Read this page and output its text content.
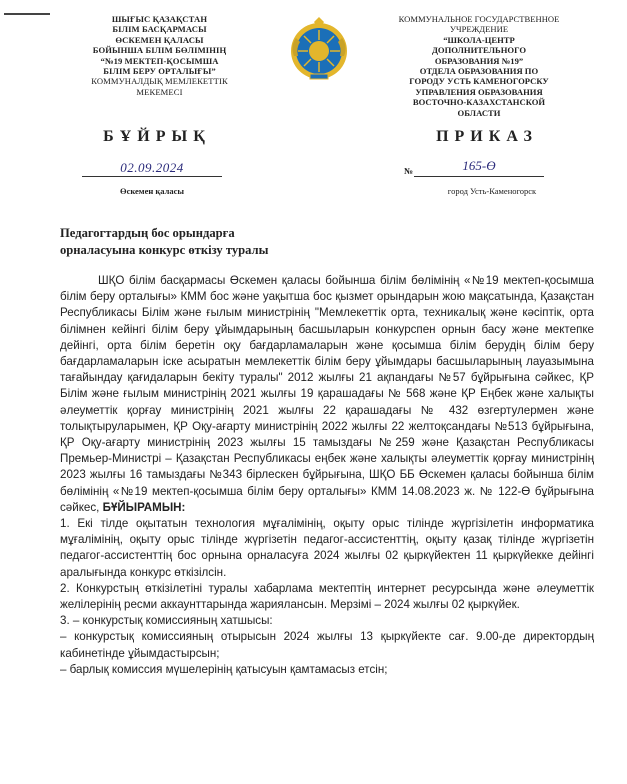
ШЫҒЫС ҚАЗАҚСТАН
БІЛІМ БАСҚАРМАСЫ
ӨСКЕМЕН ҚАЛАСЫ
БОЙЫНША БІЛІМ БӨЛІМІНІҢ
“№19 МЕКТЕП-ҚОСЫМША
БІЛІМ БЕРУ ОРТАЛЫҒЫ”
КОММУНАЛДЫҚ МЕМЛЕКЕТТІК
МЕКЕМЕСІ
КОММУНАЛЬНОЕ ГОСУДАРСТВЕННОЕ
УЧРЕЖДЕНИЕ
“ШКОЛА-ЦЕНТР
ДОПОЛНИТЕЛЬНОГО
ОБРАЗОВАНИЯ №19”
ОТДЕЛА ОБРАЗОВАНИЯ ПО
ГОРОДУ УСТЬ КАМЕНОГОРСКУ
УПРАВЛЕНИЯ ОБРАЗОВАНИЯ
ВОСТОЧНО-КАЗАХСТАНСКОЙ
ОБЛАСТИ
БҰЙРЫҚ	ПРИКАЗ
02.09.2024
Өскемен қаласы
№	165-Ө
город Усть-Каменогорск
Педагогтардың бос орындарға
орналасуына конкурс өткізу туралы

ШҚО білім басқармасы Өскемен қаласы бойынша білім бөлімінің «№19 мектеп-қосымша білім беру орталығы» КММ бос және уақытша бос қызмет орындарын жою мақсатында, Қазақстан Республикасы Білім және ғылым министрінің "Мемлекеттік орта, техникалық және кәсіптік, орта білімнен кейінгі білім беру ұйымдарының басшыларын конкурспен орнын басу және мектепке дейінгі, орта білім беретін оқу бағдарламаларын және қосымша білім берудің білім беру бағдарламаларын іске асыратын мемлекеттік білім беру ұйымдары басшыларының лауазымына тағайындау қағидаларын бекіту туралы" 2012 жылғы 21 ақпандағы №57 бұйрығына сәйкес, ҚР Білім және ғылым министрінің 2021 жылғы 19 қарашадағы № 568 және ҚР Еңбек және халықты әлеуметтік қорғау министрінің 2021 жылғы 22 қарашадағы № 432 өзгертулермен және толықтыруларымен, ҚР Оқу-ағарту министрінің 2022 жылғы 22 желтоқсандағы №513 бұйрығына, ҚР Оқу-ағарту министрінің 2023 жылғы 15 тамыздағы №259 және Қазақстан Республикасы Премьер-Министрі – Қазақстан Республикасы еңбек және халықты әлеуметтік қорғау министрінің 2023 жылғы 16 тамыздағы №343 бірлескен бұйрығына, ШҚО ББ Өскемен қаласы бойынша білім бөлімінің «№19 мектеп-қосымша білім беру орталығы» КММ 14.08.2023 ж. № 122-Ө бұйрығына сәйкес, БҰЙЫРАМЫН:

1. Екі тілде оқытатын технология мұғалімінің, оқыту орыс тілінде жүргізілетін информатика мұғалімінің, оқыту орыс тілінде жүргізетін педагог-ассистенттің, оқыту қазақ тілінде жүргізетін педагог-ассистенттің бос орнына орналасуға 2024 жылғы 02 қыркүйектен 11 қыркүйекке дейінгі аралығында конкурс өткізілсін.

2. Конкурстың өткізілетіні туралы хабарлама мектептің интернет ресурсында және әлеуметтік желілерінің ресми аккаунттарында жарияланcын. Мерзімі – 2024 жылғы 02 қыркүйек.

3. – конкурстық комиссияның хатшысы:

– конкурстық комиссияның отырысын 2024 жылғы 13 қыркүйекте сағ. 9.00-де директордың кабинетінде ұйымдастырсын;

– барлық комиссия мүшелерінің қатысуын қамтамасыз етсін;
